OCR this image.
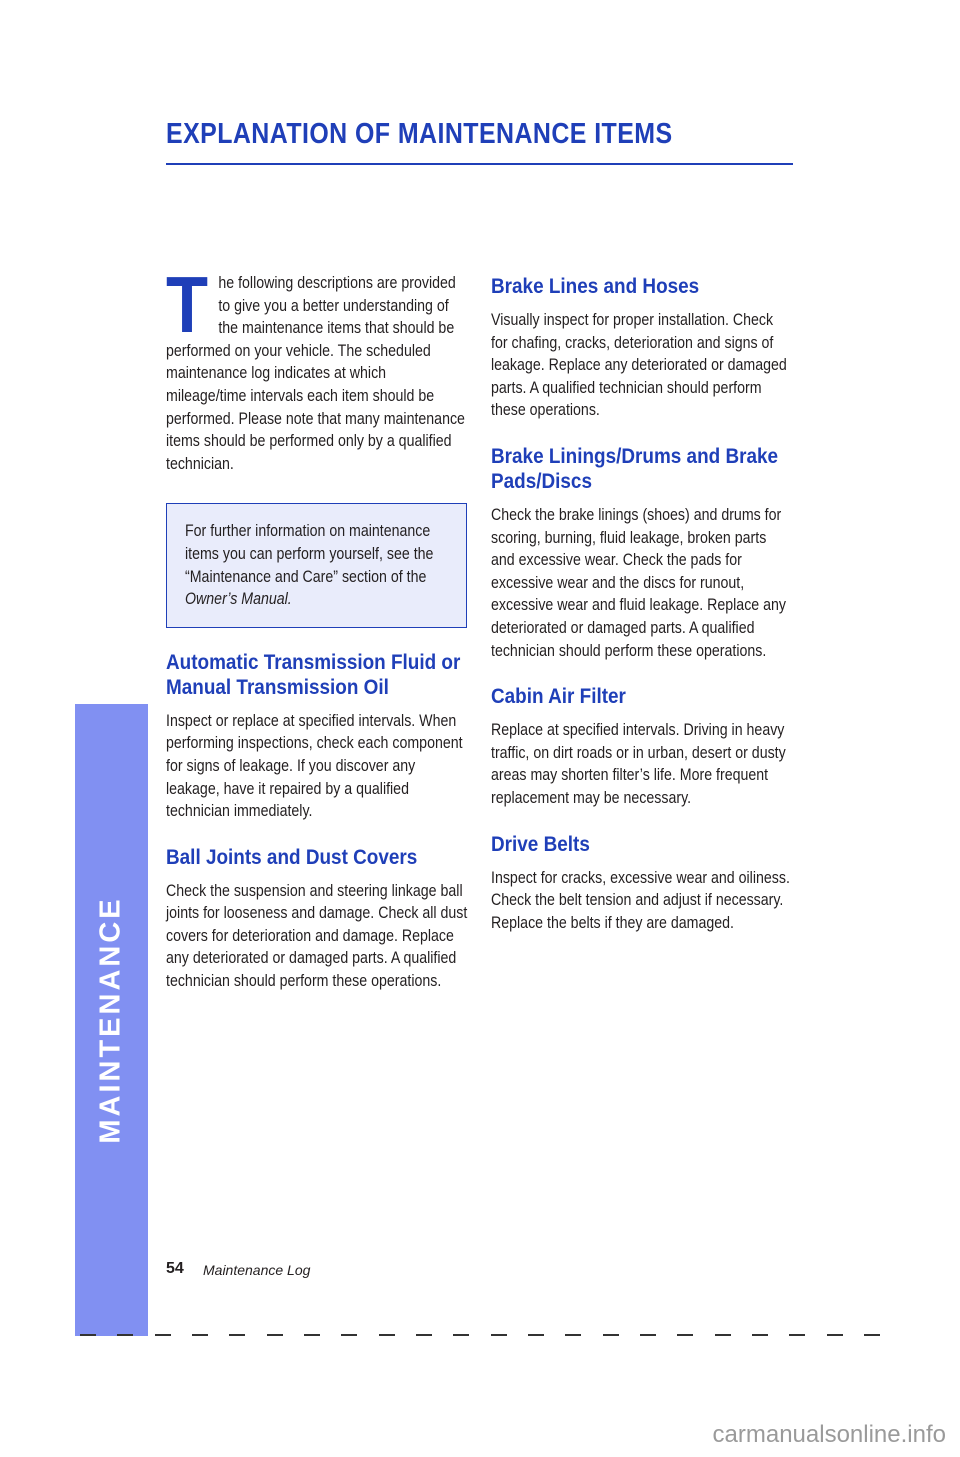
EXPLANATION OF MAINTENANCE ITEMS
MAINTENANCE

The following descriptions are provided to give you a better understanding of the maintenance items that should be performed on your vehicle. The scheduled maintenance log indicates at which mileage/time intervals each item should be performed. Please note that many maintenance items should be performed only by a qualified technician.

For further information on maintenance items you can perform yourself, see the “Maintenance and Care” section of the Owner’s Manual.

Automatic Transmission Fluid or Manual Transmission Oil

Inspect or replace at specified intervals. When performing inspections, check each component for signs of leakage. If you discover any leakage, have it repaired by a qualified technician immediately.

Ball Joints and Dust Covers

Check the suspension and steering linkage ball joints for looseness and damage. Check all dust covers for deterioration and damage. Replace any deteriorated or damaged parts. A qualified technician should perform these operations.

Brake Lines and Hoses

Visually inspect for proper installation. Check for chafing, cracks, deterioration and signs of leakage. Replace any deteriorated or damaged parts. A qualified technician should perform these operations.

Brake Linings/Drums and Brake Pads/Discs

Check the brake linings (shoes) and drums for scoring, burning, fluid leakage, broken parts and excessive wear. Check the pads for excessive wear and the discs for runout, excessive wear and fluid leakage. Replace any deteriorated or damaged parts. A qualified technician should perform these operations.

Cabin Air Filter

Replace at specified intervals. Driving in heavy traffic, on dirt roads or in urban, desert or dusty areas may shorten filter’s life. More frequent replacement may be necessary.

Drive Belts

Inspect for cracks, excessive wear and oiliness. Check the belt tension and adjust if necessary. Replace the belts if they are damaged.

54 Maintenance Log
carmanualsonline.info
